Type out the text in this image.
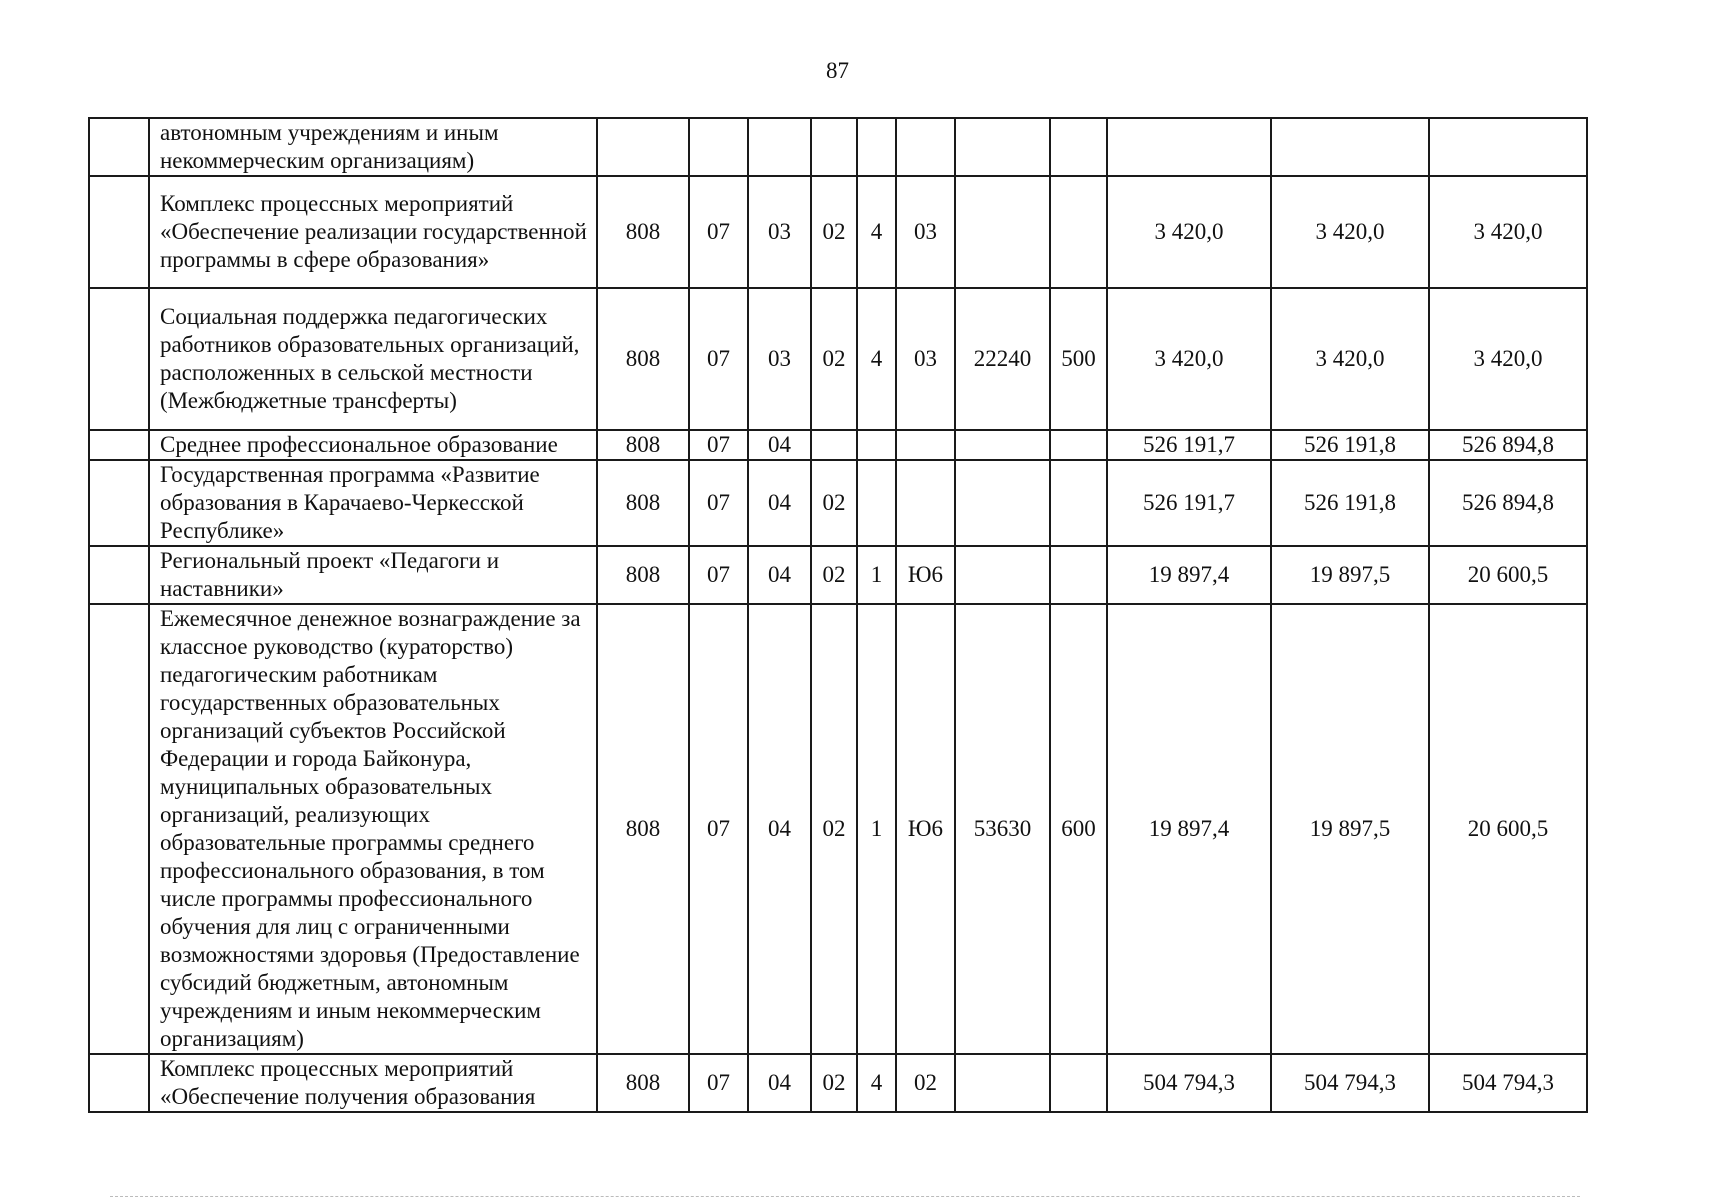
87
	автономным учреждениям и иным некоммерческим организациям)											
	Комплекс процессных мероприятий «Обеспечение реализации государственной программы в сфере образования»	808	07	03	02	4	03			3 420,0	3 420,0	3 420,0
	Социальная поддержка педагогических работников образовательных организаций, расположенных в сельской местности (Межбюджетные трансферты)	808	07	03	02	4	03	22240	500	3 420,0	3 420,0	3 420,0
	Среднее профессиональное образование	808	07	04						526 191,7	526 191,8	526 894,8
	Государственная программа «Развитие образования в Карачаево-Черкесской Республике»	808	07	04	02					526 191,7	526 191,8	526 894,8
	Региональный проект «Педагоги и наставники»	808	07	04	02	1	Ю6			19 897,4	19 897,5	20 600,5
	Ежемесячное денежное вознаграждение за классное руководство (кураторство) педагогическим работникам государственных образовательных организаций субъектов Российской Федерации и города Байконура, муниципальных образовательных организаций, реализующих образовательные программы среднего профессионального образования, в том числе программы профессионального обучения для лиц с ограниченными возможностями здоровья (Предоставление субсидий бюджетным, автономным учреждениям и иным некоммерческим организациям)	808	07	04	02	1	Ю6	53630	600	19 897,4	19 897,5	20 600,5
	Комплекс процессных мероприятий «Обеспечение получения образования	808	07	04	02	4	02			504 794,3	504 794,3	504 794,3
